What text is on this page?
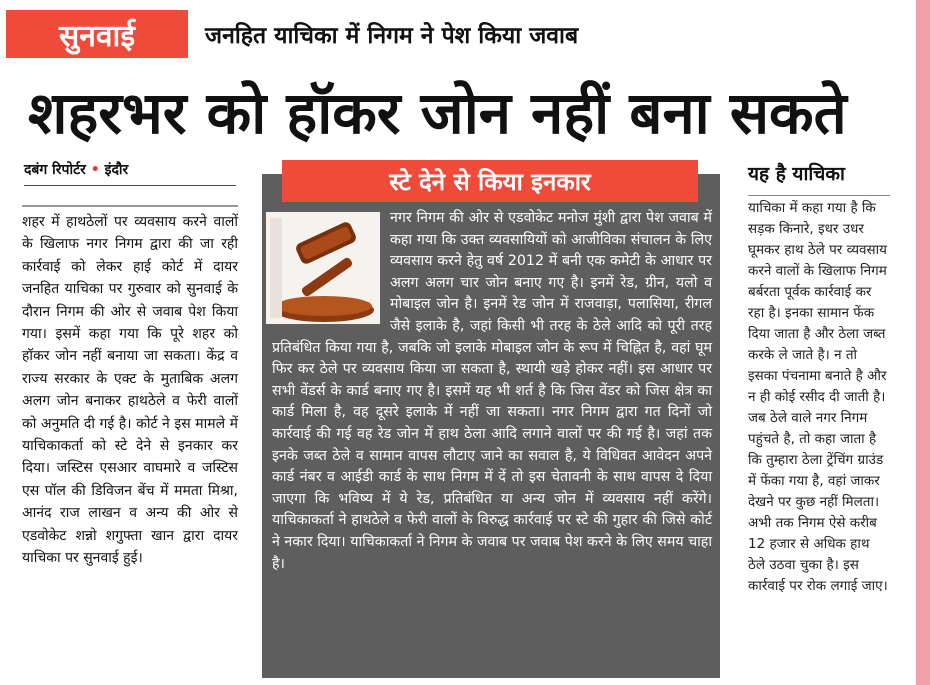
सुनवाई	जनहित याचिका में निगम ने पेश किया जवाब
शहरभर को हॉकर जोन नहीं बना सकते
दबंग रिपोर्टर • इंदौर
शहर में हाथठेलों पर व्यवसाय करने वालों के खिलाफ नगर निगम द्वारा की जा रही कार्रवाई को लेकर हाई कोर्ट में दायर जनहित याचिका पर गुरुवार को सुनवाई के दौरान निगम की ओर से जवाब पेश किया गया। इसमें कहा गया कि पूरे शहर को हॉकर जोन नहीं बनाया जा सकता। केंद्र व राज्य सरकार के एक्ट के मुताबिक अलग अलग जोन बनाकर हाथठेले व फेरी वालों को अनुमति दी गई है। कोर्ट ने इस मामले में याचिकाकर्ता को स्टे देने से इनकार कर दिया। जस्टिस एसआर वाघमारे व जस्टिस एस पॉल की डिविजन बेंच में ममता मिश्रा, आनंद राज लाखन व अन्य की ओर से एडवोकेट शन्नो शगुफ्ता खान द्वारा दायर याचिका पर सुनवाई हुई।
स्टे देने से किया इनकार
नगर निगम की ओर से एडवोकेट मनोज मुंशी द्वारा पेश जवाब में कहा गया कि उक्त व्यवसायियों को आजीविका संचालन के लिए व्यवसाय करने हेतु वर्ष 2012 में बनी एक कमेटी के आधार पर अलग अलग चार जोन बनाए गए है। इनमें रेड, ग्रीन, यलो व मोबाइल जोन है। इनमें रेड जोन में राजवाड़ा, पलासिया, रीगल जैसे इलाके है, जहां किसी भी तरह के ठेले आदि को पूरी तरह प्रतिबंधित किया गया है, जबकि जो इलाके मोबाइल जोन के रूप में चिह्नित है, वहां घूम फिर कर ठेले पर व्यवसाय किया जा सकता है, स्थायी खड़े होकर नहीं। इस आधार पर सभी वेंडर्स के कार्ड बनाए गए है। इसमें यह भी शर्त है कि जिस वेंडर को जिस क्षेत्र का कार्ड मिला है, वह दूसरे इलाके में नहीं जा सकता। नगर निगम द्वारा गत दिनों जो कार्रवाई की गई वह रेड जोन में हाथ ठेला आदि लगाने वालों पर की गई है। जहां तक इनके जब्त ठेले व सामान वापस लौटाए जाने का सवाल है, ये विधिवत आवेदन अपने कार्ड नंबर व आईडी कार्ड के साथ निगम में दें तो इस चेतावनी के साथ वापस दे दिया जाएगा कि भविष्य में ये रेड, प्रतिबंधित या अन्य जोन में व्यवसाय नहीं करेंगे। याचिकाकर्ता ने हाथठेले व फेरी वालों के विरुद्ध कार्रवाई पर स्टे की गुहार की जिसे कोर्ट ने नकार दिया। याचिकाकर्ता ने निगम के जवाब पर जवाब पेश करने के लिए समय चाहा है।
यह है याचिका
याचिका में कहा गया है कि सड़क किनारे, इधर उधर घूमकर हाथ ठेले पर व्यवसाय करने वालों के खिलाफ निगम बर्बरता पूर्वक कार्रवाई कर रहा है। इनका सामान फेंक दिया जाता है और ठेला जब्त करके ले जाते है। न तो इसका पंचनामा बनाते है और न ही कोई रसीद दी जाती है। जब ठेले वाले नगर निगम पहुंचते है, तो कहा जाता है कि तुम्हारा ठेला ट्रेंचिंग ग्राउंड में फेंका गया है, वहां जाकर देखने पर कुछ नहीं मिलता। अभी तक निगम ऐसे करीब 12 हजार से अधिक हाथ ठेले उठवा चुका है। इस कार्रवाई पर रोक लगाई जाए।
